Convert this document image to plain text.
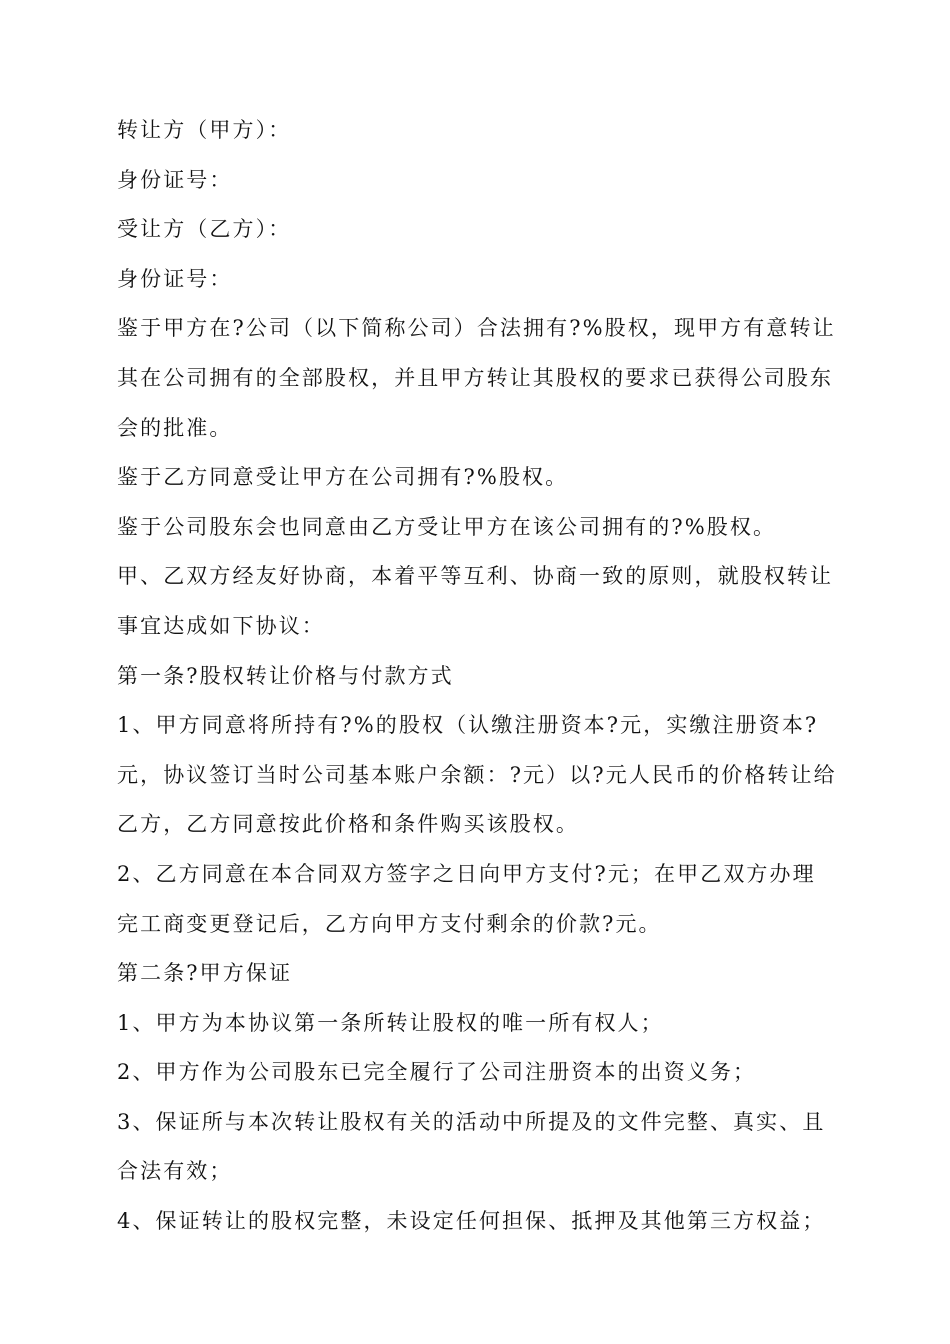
转让方（甲方）：

身份证号：

受让方（乙方）：

身份证号：

鉴于甲方在?公司（以下简称公司）合法拥有?%股权，现甲方有意转让其在公司拥有的全部股权，并且甲方转让其股权的要求已获得公司股东会的批准。

鉴于乙方同意受让甲方在公司拥有?%股权。

鉴于公司股东会也同意由乙方受让甲方在该公司拥有的?%股权。

甲、乙双方经友好协商，本着平等互利、协商一致的原则，就股权转让事宜达成如下协议：

第一条?股权转让价格与付款方式

1、甲方同意将所持有?%的股权（认缴注册资本?元，实缴注册资本?元，协议签订当时公司基本账户余额：?元）以?元人民币的价格转让给乙方，乙方同意按此价格和条件购买该股权。

2、乙方同意在本合同双方签字之日向甲方支付?元；在甲乙双方办理完工商变更登记后，乙方向甲方支付剩余的价款?元。

第二条?甲方保证

1、甲方为本协议第一条所转让股权的唯一所有权人；

2、甲方作为公司股东已完全履行了公司注册资本的出资义务；

3、保证所与本次转让股权有关的活动中所提及的文件完整、真实、且合法有效；

4、保证转让的股权完整，未设定任何担保、抵押及其他第三方权益；
